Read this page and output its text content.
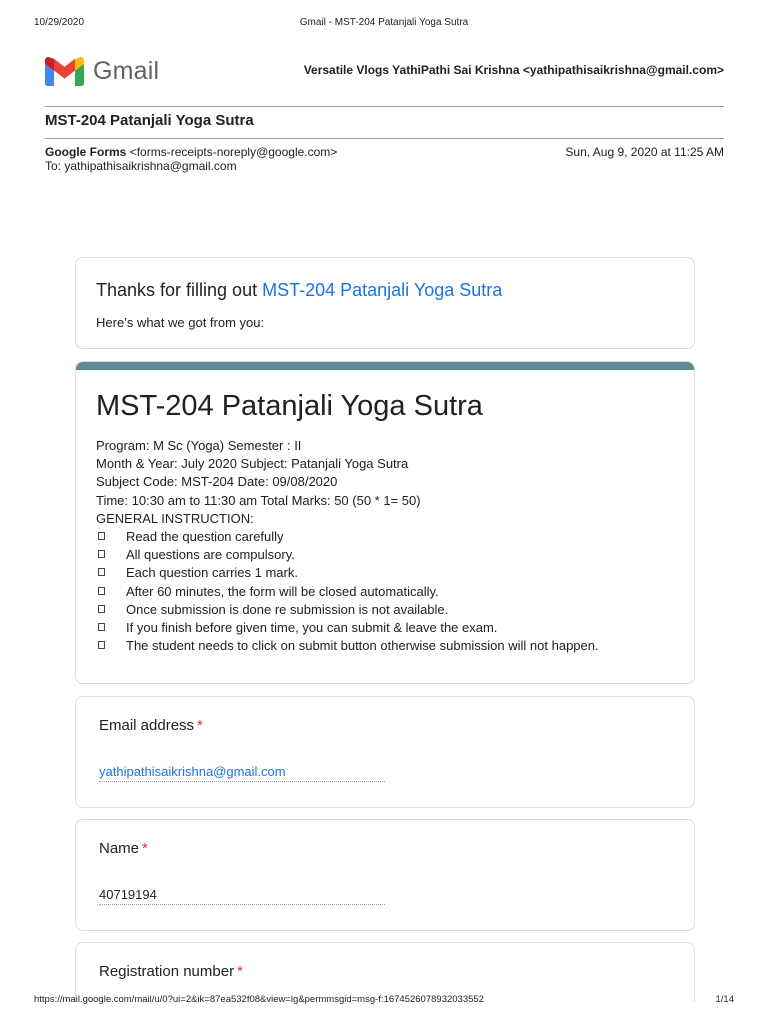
10/29/2020	Gmail - MST-204 Patanjali Yoga Sutra
Gmail	Versatile Vlogs YathiPathi Sai Krishna <yathipathisaikrishna@gmail.com>
MST-204 Patanjali Yoga Sutra
Google Forms <forms-receipts-noreply@google.com>
To: yathipathisaikrishna@gmail.com
Sun, Aug 9, 2020 at 11:25 AM
Thanks for filling out MST-204 Patanjali Yoga Sutra
Here’s what we got from you:
MST-204 Patanjali Yoga Sutra
Program: M Sc (Yoga) Semester : II
Month & Year: July 2020 Subject: Patanjali Yoga Sutra
Subject Code: MST-204 Date: 09/08/2020
Time: 10:30 am to 11:30 am Total Marks: 50 (50 * 1= 50)
GENERAL INSTRUCTION:
Read the question carefully
All questions are compulsory.
Each question carries 1 mark.
After 60 minutes, the form will be closed automatically.
Once submission is done re submission is not available.
If you finish before given time, you can submit & leave the exam.
The student needs to click on submit button otherwise submission will not happen.
Email address *
yathipathisaikrishna@gmail.com
Name *
40719194
Registration number *
https://mail.google.com/mail/u/0?ui=2&ik=87ea532f08&view=lg&permmsgid=msg-f:1674526078932033552	1/14
